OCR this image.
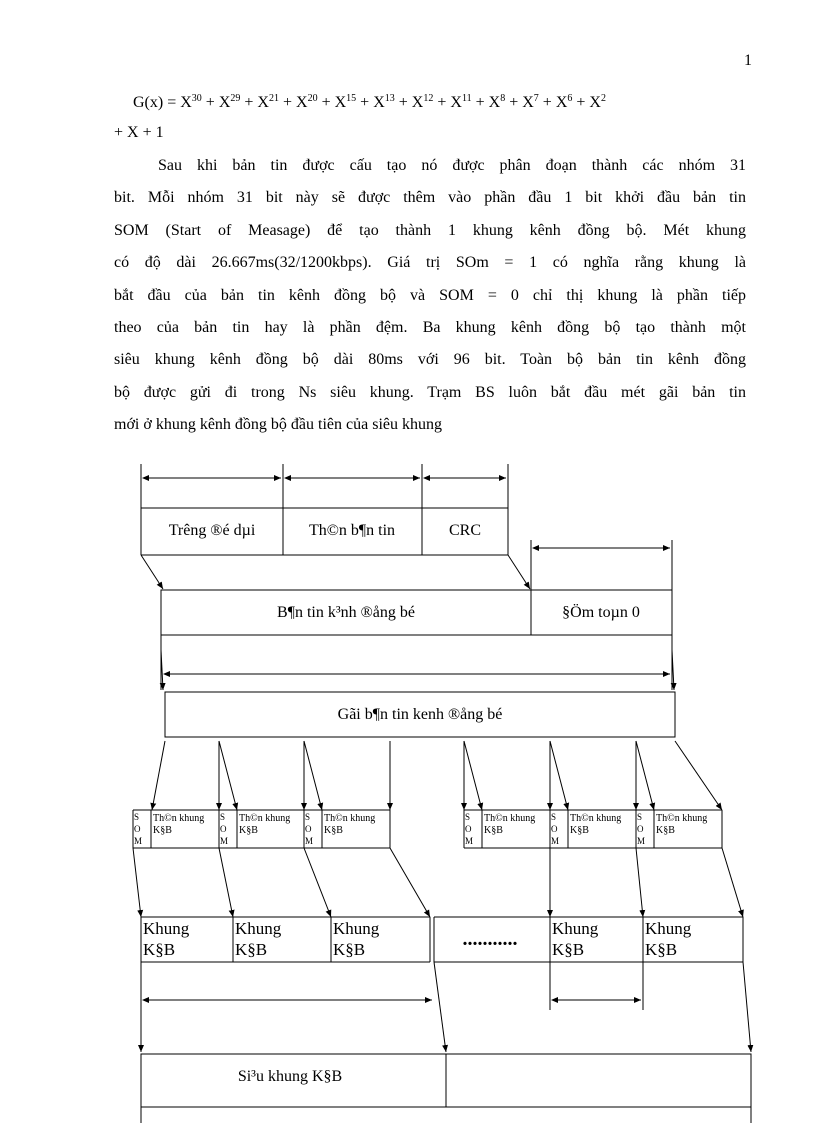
1
$G(x) = X^{30} + X^{29} + X^{21} + X^{20} + X^{15} + X^{13} + X^{12} + X^{11} + X^8 + X^7 + X^6 + X^2$
+ X + 1
Sau khi bản tin được cấu tạo nó được phân đoạn thành các nhóm 31
bit. Mỗi nhóm 31 bit này sẽ được thêm vào phần đầu 1 bit khởi đầu bản tin
SOM (Start of Measage) để tạo thành 1 khung kênh đồng bộ. Mét khung
có độ dài 26.667ms(32/1200kbps). Giá trị SOm = 1 có nghĩa rằng khung là
bắt đầu của bản tin kênh đồng bộ và SOM = 0 chỉ thị khung là phần tiếp
theo của bản tin hay là phần đệm. Ba khung kênh đồng bộ tạo thành một
siêu khung kênh đồng bộ dài 80ms với 96 bit. Toàn bộ bản tin kênh đồng
bộ được gửi đi trong Ns siêu khung. Trạm BS luôn bắt đầu mét gãi bản tin
mới ở khung kênh đồng bộ đầu tiên của siêu khung
Trêng ®é dµi	Th©n b¶n tin	CRC
B¶n tin k³nh ®ång bé	§Öm toµn 0
Gãi b¶n tin kenh ®ång bé
S
O
M
Th©n khung
K§B
S
O
M
Th©n khung
K§B
S
O
M
Th©n khung
K§B
S
O
M
Th©n khung
K§B
S
O
M
Th©n khung
K§B
S
O
M
Th©n khung
K§B
Khung
K§B
Khung
K§B
Khung
K§B
Khung
K§B
Khung
K§B
...........
Si³u khung K§B
